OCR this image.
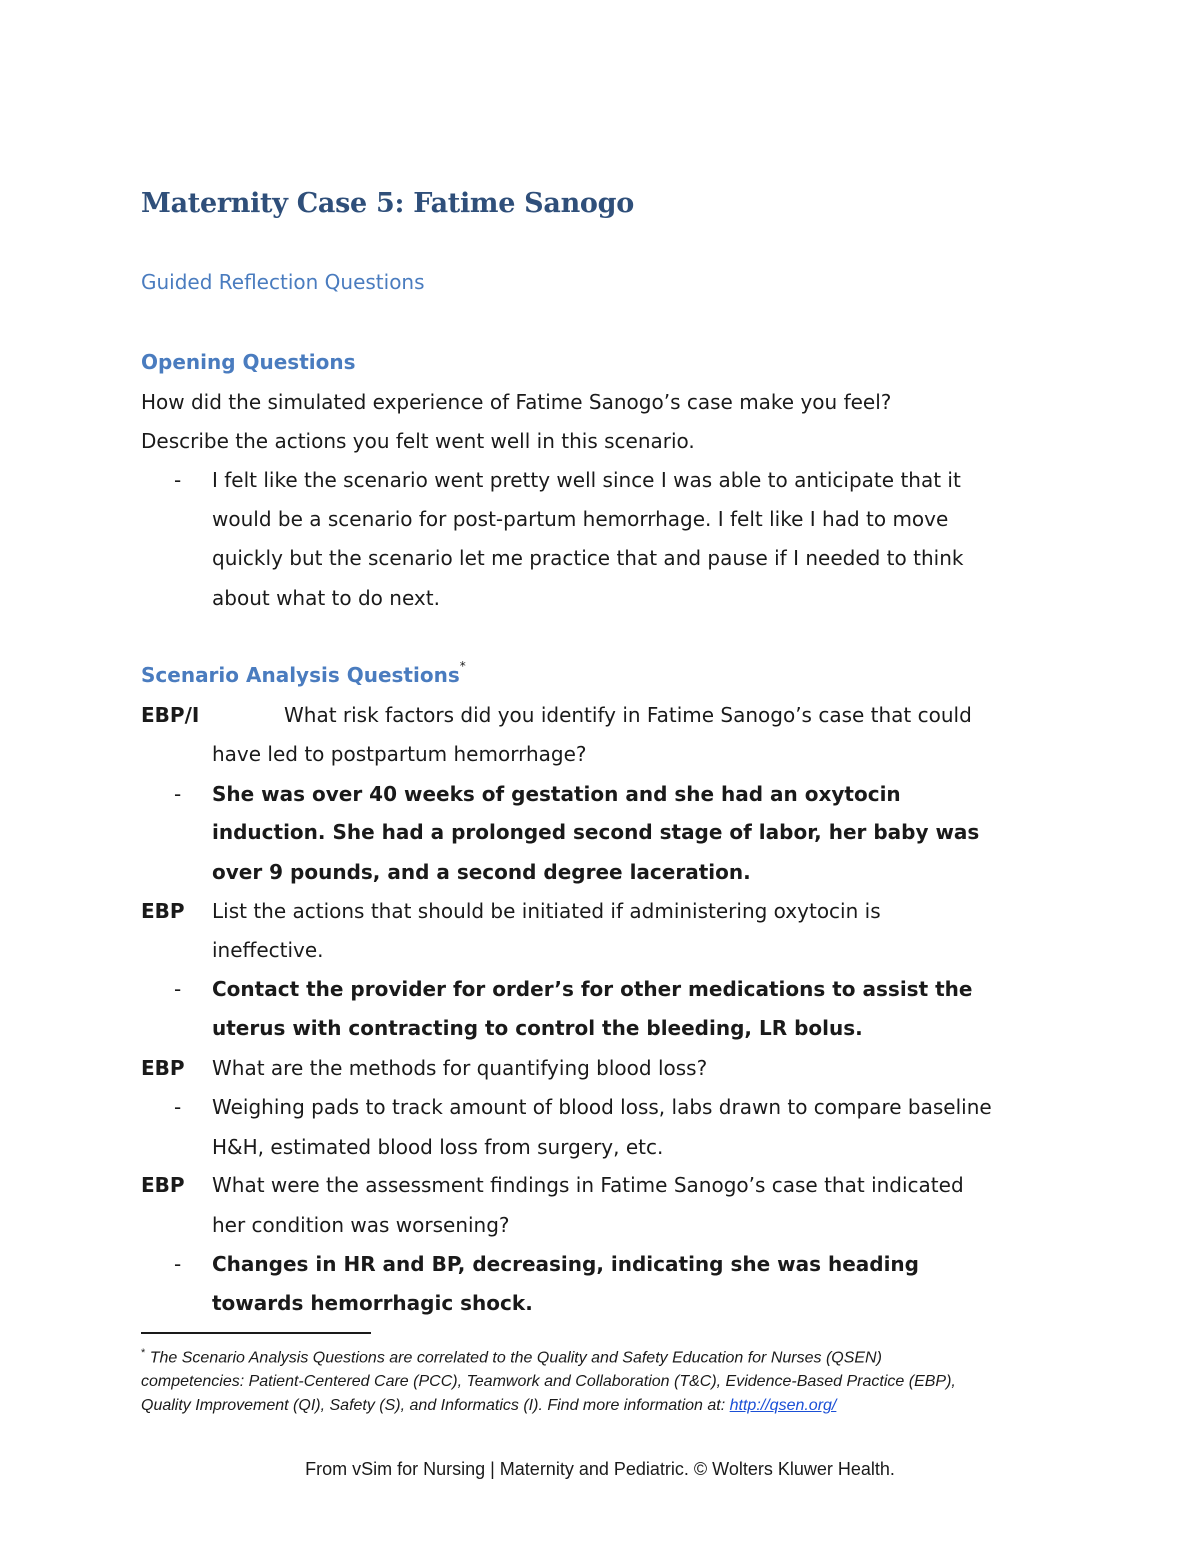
Maternity Case 5: Fatime Sanogo
Guided Reflection Questions
Opening Questions
How did the simulated experience of Fatime Sanogo’s case make you feel?
Describe the actions you felt went well in this scenario.
- I felt like the scenario went pretty well since I was able to anticipate that it
would be a scenario for post-partum hemorrhage. I felt like I had to move
quickly but the scenario let me practice that and pause if I needed to think
about what to do next.
Scenario Analysis Questions*
EBP/I	What risk factors did you identify in Fatime Sanogo’s case that could
have led to postpartum hemorrhage?
- She was over 40 weeks of gestation and she had an oxytocin
induction. She had a prolonged second stage of labor, her baby was
over 9 pounds, and a second degree laceration.
EBP List the actions that should be initiated if administering oxytocin is
ineffective.
- Contact the provider for order’s for other medications to assist the
uterus with contracting to control the bleeding, LR bolus.
EBP What are the methods for quantifying blood loss?
- Weighing pads to track amount of blood loss, labs drawn to compare baseline
H&H, estimated blood loss from surgery, etc.
EBP What were the assessment findings in Fatime Sanogo’s case that indicated
her condition was worsening?
- Changes in HR and BP, decreasing, indicating she was heading
towards hemorrhagic shock.
* The Scenario Analysis Questions are correlated to the Quality and Safety Education for Nurses (QSEN)
competencies: Patient-Centered Care (PCC), Teamwork and Collaboration (T&C), Evidence-Based Practice (EBP),
Quality Improvement (QI), Safety (S), and Informatics (I). Find more information at: http://qsen.org/
From vSim for Nursing | Maternity and Pediatric. © Wolters Kluwer Health.
